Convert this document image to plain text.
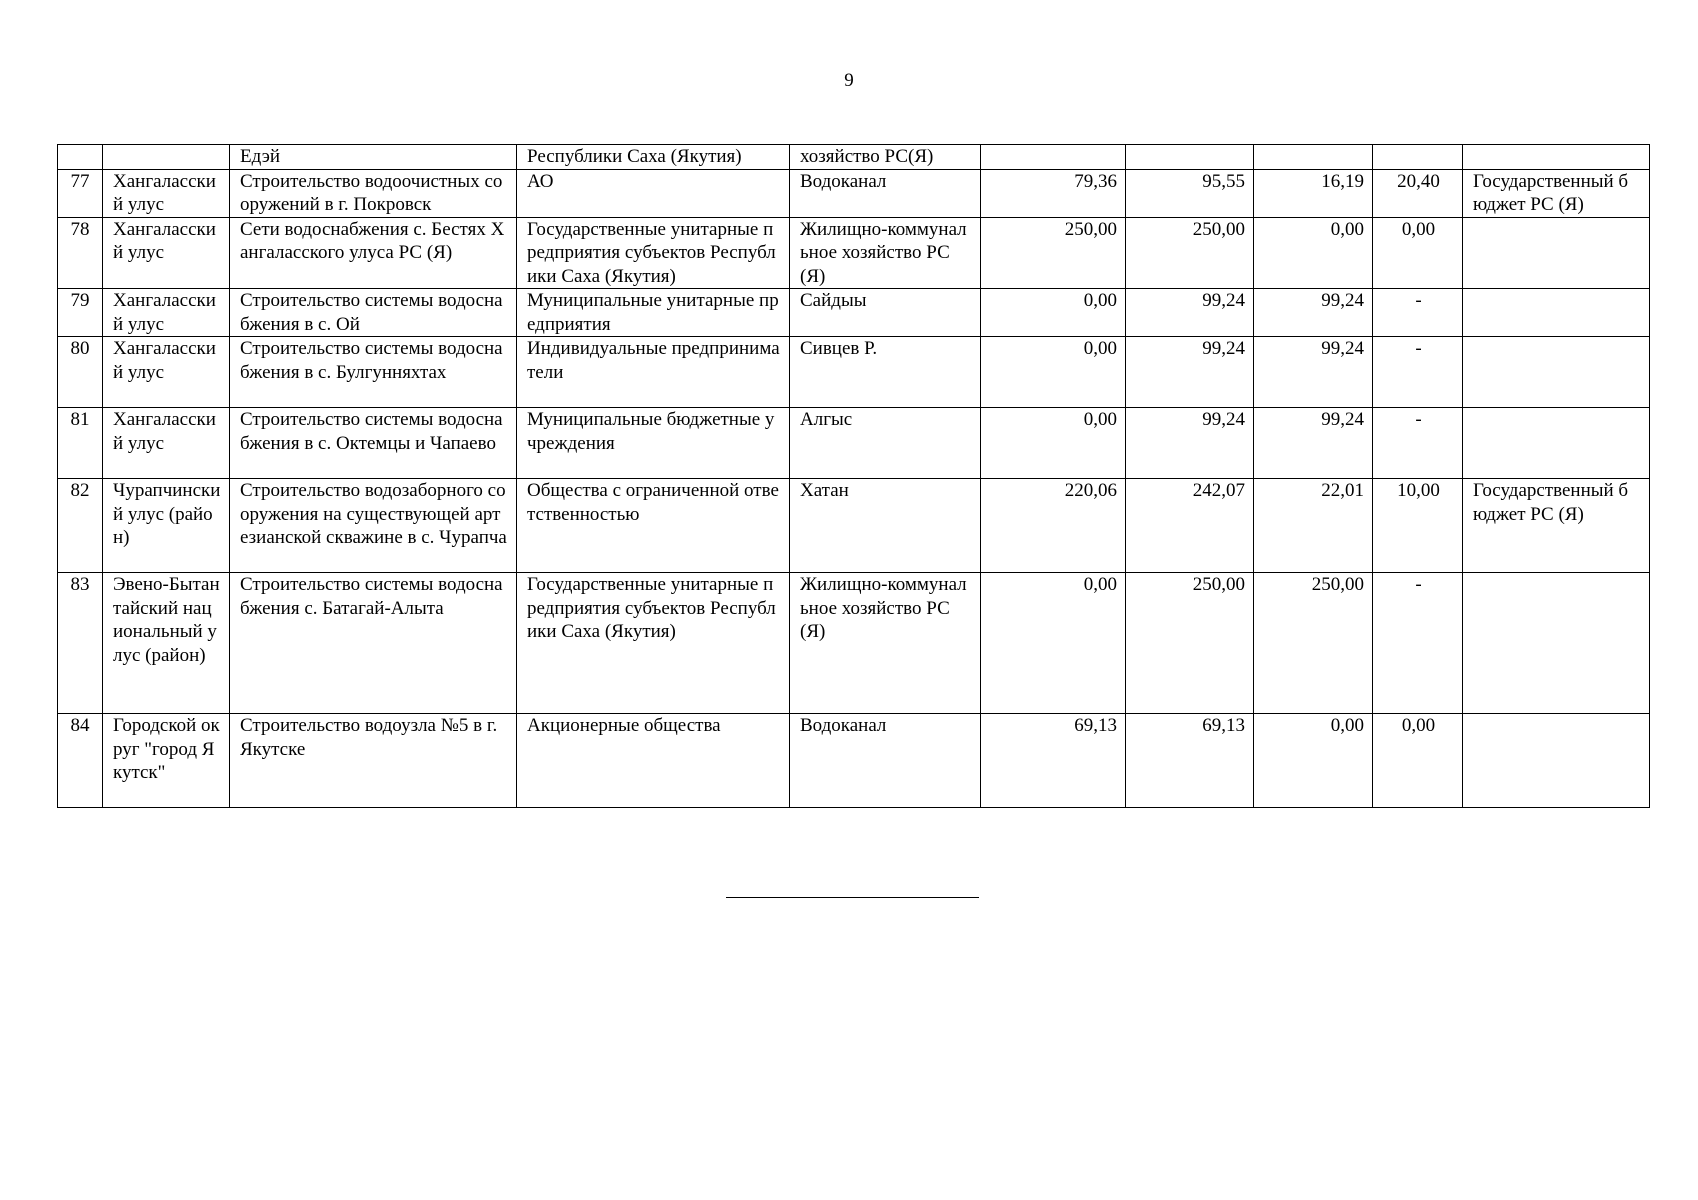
9
		Едэй	Республики Саха (Якутия)	хозяйство РС(Я)					
77	Хангаласский улус	Строительство водоочистных сооружений в г. Покровск	АО	Водоканал	79,36	95,55	16,19	20,40	Государственный бюджет РС (Я)
78	Хангаласский улус	Сети водоснабжения с. Бестях Хангаласского улуса РС (Я)	Государственные унитарные предприятия субъектов Республики Саха (Якутия)	Жилищно-коммунальное хозяйство РС (Я)	250,00	250,00	0,00	0,00	
79	Хангаласский улус	Строительство системы водоснабжения в с. Ой	Муниципальные унитарные предприятия	Сайдыы	0,00	99,24	99,24	-	
80	Хангаласский улус	Строительство системы водоснабжения в с. Булгунняхтах	Индивидуальные предприниматели	Сивцев Р.	0,00	99,24	99,24	-	
81	Хангаласский улус	Строительство системы водоснабжения в с. Октемцы и Чапаево	Муниципальные бюджетные учреждения	Алгыс	0,00	99,24	99,24	-	
82	Чурапчинский улус (район)	Строительство водозаборного сооружения на существующей артезианской скважине в с. Чурапча	Общества с ограниченной ответственностью	Хатан	220,06	242,07	22,01	10,00	Государственный бюджет РС (Я)
83	Эвено-Бытантайский национальный улус (район)	Строительство системы водоснабжения с. Батагай-Алыта	Государственные унитарные предприятия субъектов Республики Саха (Якутия)	Жилищно-коммунальное хозяйство РС(Я)	0,00	250,00	250,00	-	
84	Городской округ "город Якутск"	Строительство водоузла №5 в г. Якутске	Акционерные общества	Водоканал	69,13	69,13	0,00	0,00	
